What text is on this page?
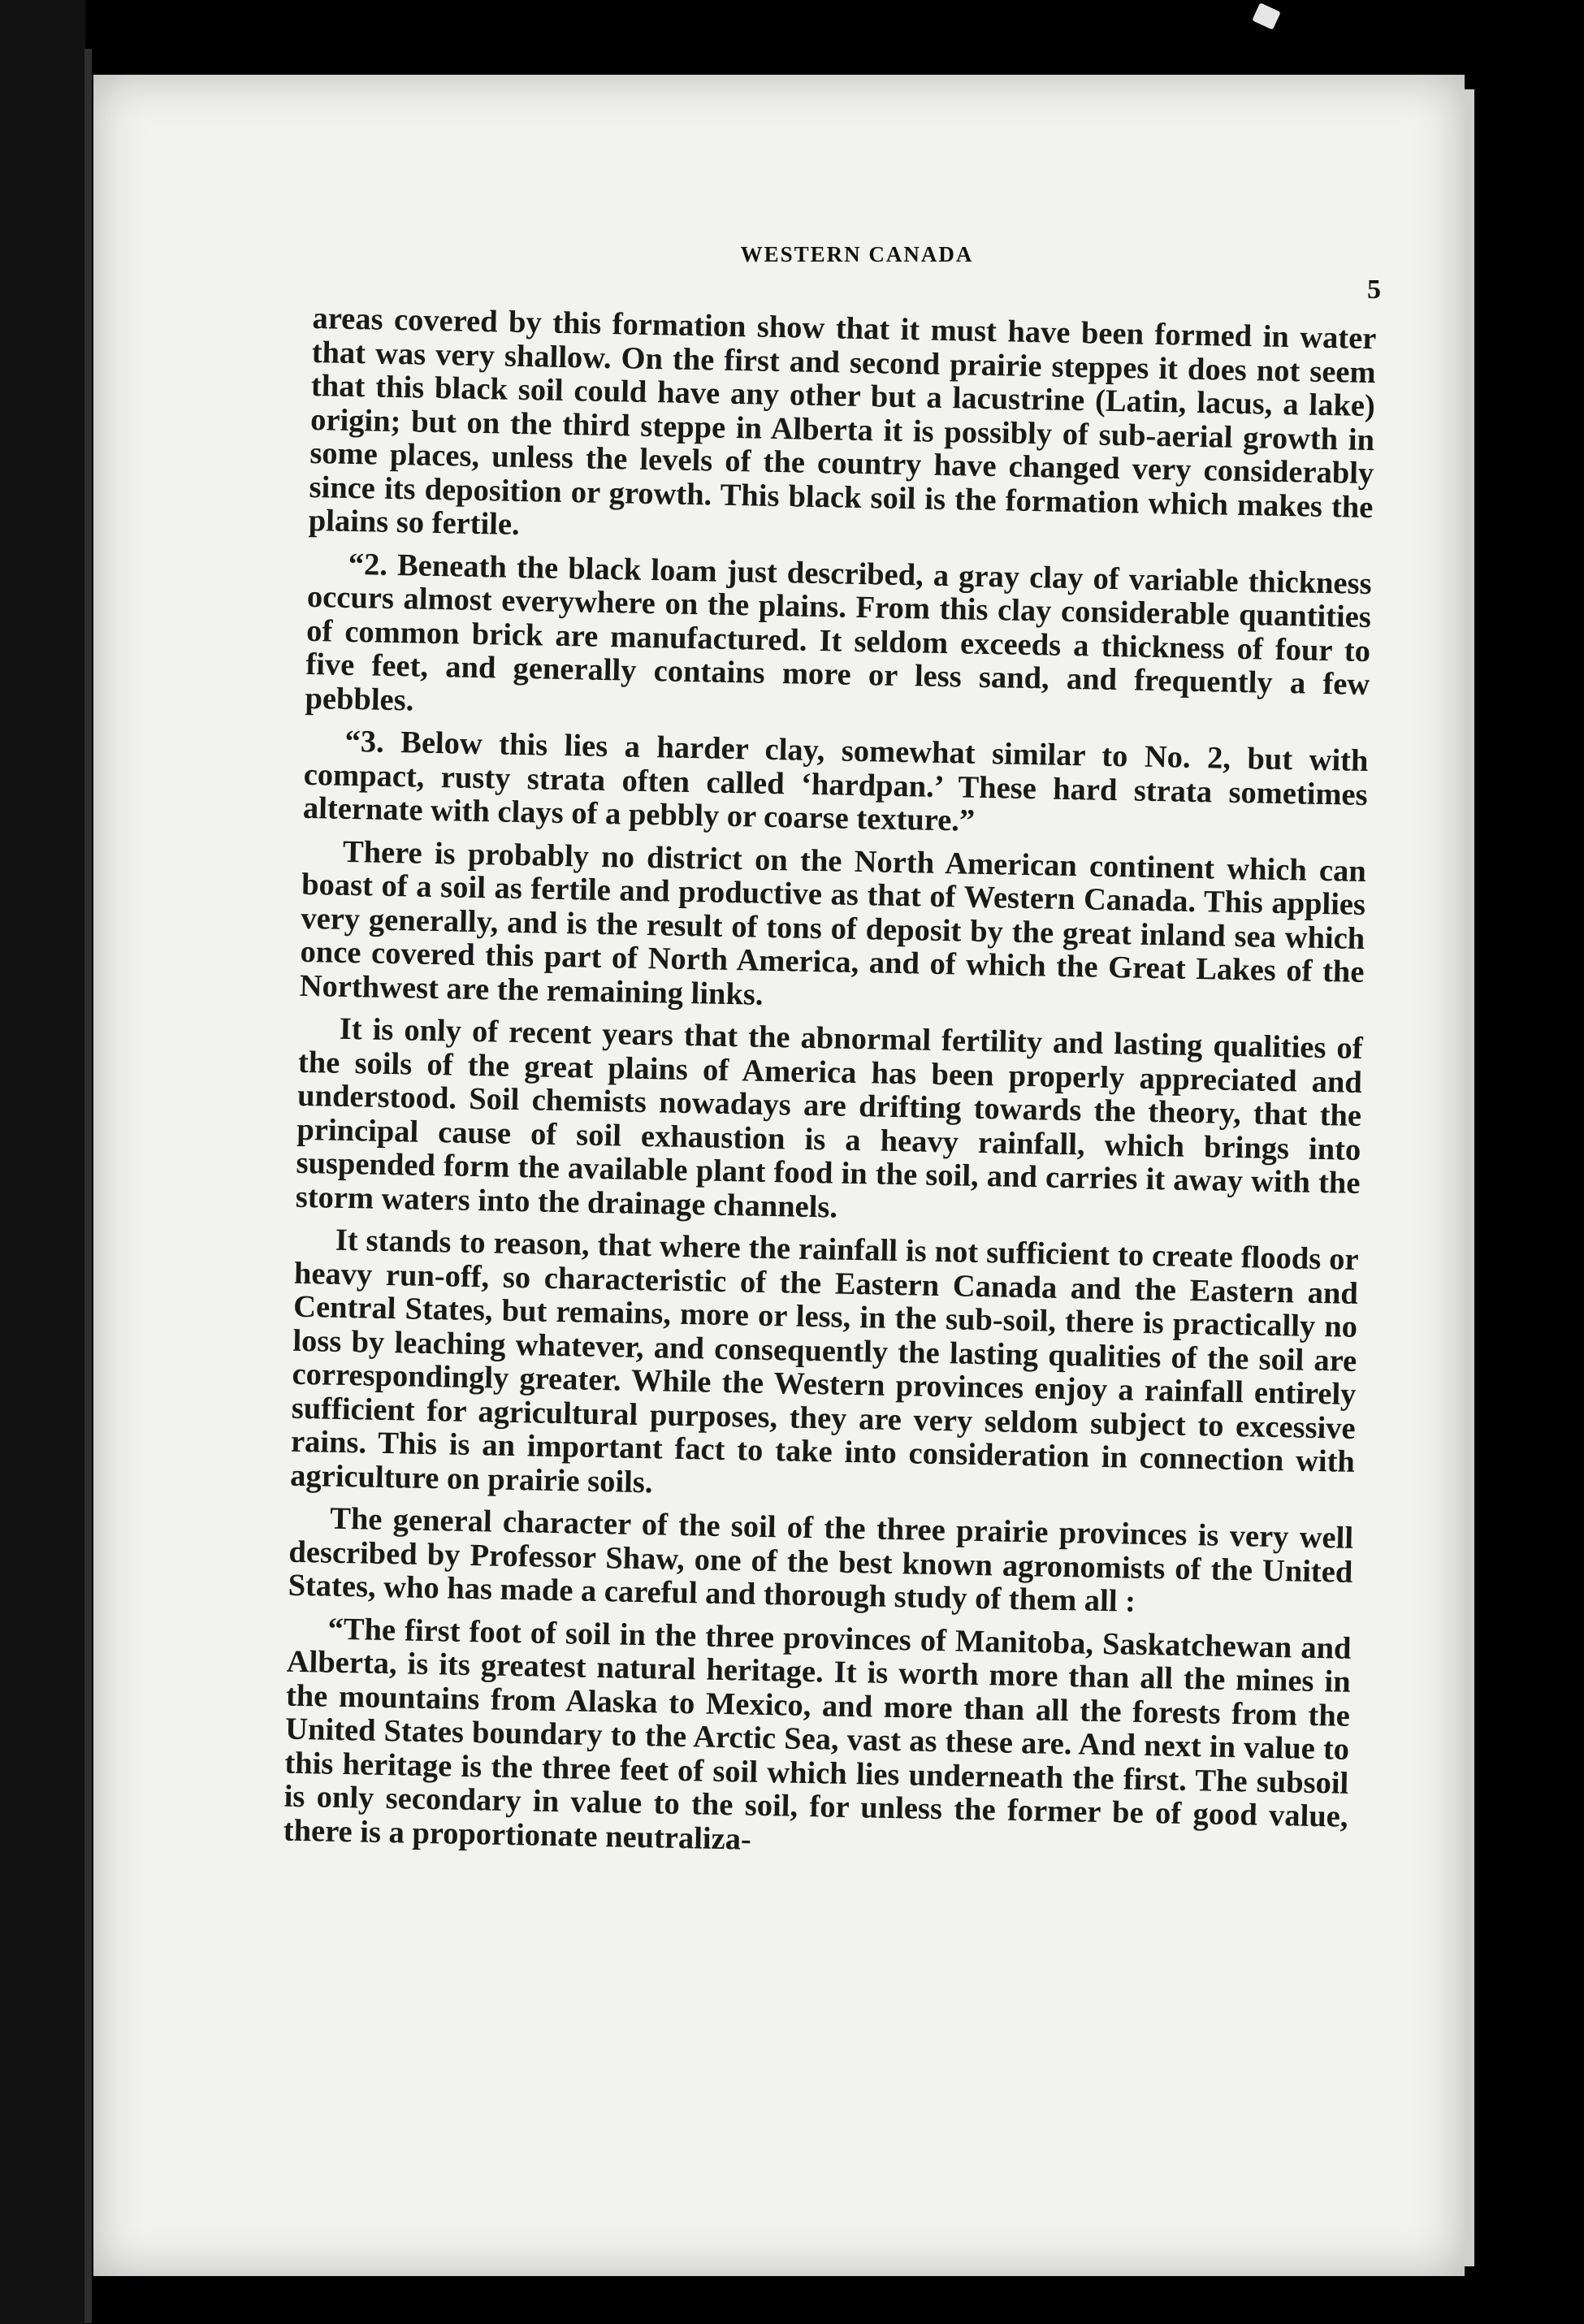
WESTERN CANADA
5

areas covered by this formation show that it must have been formed in water that was very shallow. On the first and second prairie steppes it does not seem that this black soil could have any other but a lacustrine (Latin, lacus, a lake) origin; but on the third steppe in Alberta it is possibly of sub-aerial growth in some places, unless the levels of the country have changed very considerably since its deposition or growth. This black soil is the formation which makes the plains so fertile.

“2. Beneath the black loam just described, a gray clay of variable thickness occurs almost everywhere on the plains. From this clay considerable quantities of common brick are manufactured. It seldom exceeds a thickness of four to five feet, and generally contains more or less sand, and frequently a few pebbles.

“3. Below this lies a harder clay, somewhat similar to No. 2, but with compact, rusty strata often called ‘hardpan.’ These hard strata sometimes alternate with clays of a pebbly or coarse texture.”

There is probably no district on the North American continent which can boast of a soil as fertile and productive as that of Western Canada. This applies very generally, and is the result of tons of deposit by the great inland sea which once covered this part of North America, and of which the Great Lakes of the Northwest are the remaining links.

It is only of recent years that the abnormal fertility and lasting qualities of the soils of the great plains of America has been properly appreciated and understood. Soil chemists nowadays are drifting towards the theory, that the principal cause of soil exhaustion is a heavy rainfall, which brings into suspended form the available plant food in the soil, and carries it away with the storm waters into the drainage channels.

It stands to reason, that where the rainfall is not sufficient to create floods or heavy run-off, so characteristic of the Eastern Canada and the Eastern and Central States, but remains, more or less, in the sub-soil, there is practically no loss by leaching whatever, and consequently the lasting qualities of the soil are correspondingly greater. While the Western provinces enjoy a rainfall entirely sufficient for agricultural purposes, they are very seldom subject to excessive rains. This is an important fact to take into consideration in connection with agriculture on prairie soils.

The general character of the soil of the three prairie provinces is very well described by Professor Shaw, one of the best known agronomists of the United States, who has made a careful and thorough study of them all :

“The first foot of soil in the three provinces of Manitoba, Saskatchewan and Alberta, is its greatest natural heritage. It is worth more than all the mines in the mountains from Alaska to Mexico, and more than all the forests from the United States boundary to the Arctic Sea, vast as these are. And next in value to this heritage is the three feet of soil which lies underneath the first. The subsoil is only secondary in value to the soil, for unless the former be of good value, there is a proportionate neutraliza-
